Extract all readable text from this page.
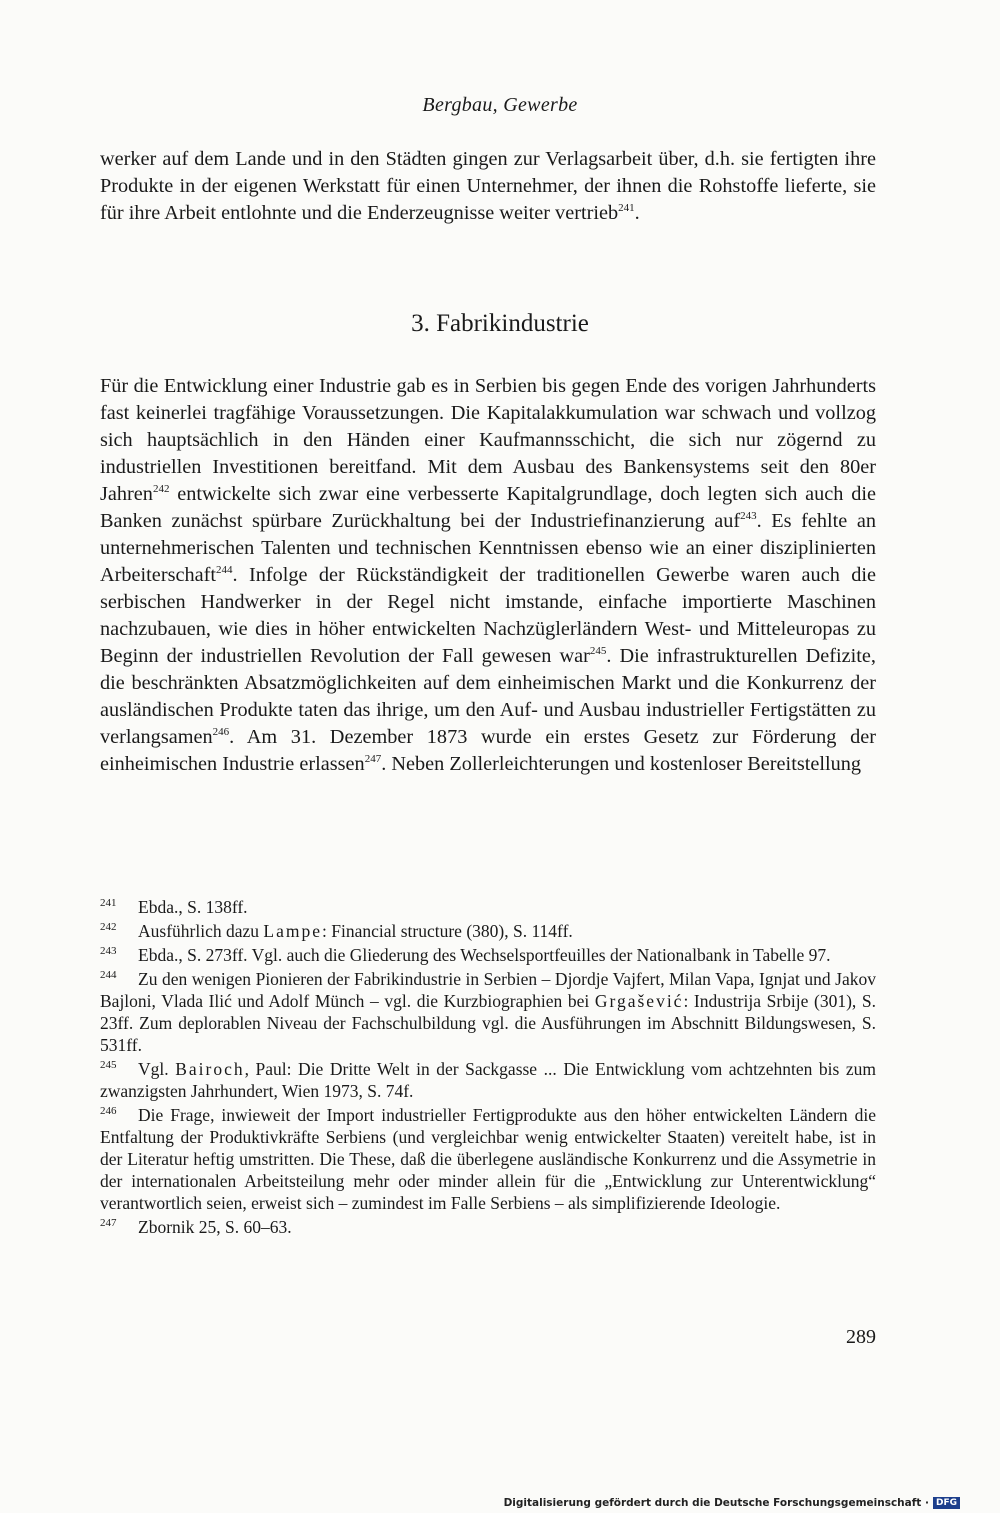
Bergbau, Gewerbe

werker auf dem Lande und in den Städten gingen zur Verlagsarbeit über, d.h. sie fertigten ihre Produkte in der eigenen Werkstatt für einen Unternehmer, der ihnen die Rohstoffe lieferte, sie für ihre Arbeit entlohnte und die Enderzeugnisse weiter vertrieb$^{241}$.

3. Fabrikindustrie

Für die Entwicklung einer Industrie gab es in Serbien bis gegen Ende des vorigen Jahrhunderts fast keinerlei tragfähige Voraussetzungen. Die Kapitalakkumulation war schwach und vollzog sich hauptsächlich in den Händen einer Kaufmannsschicht, die sich nur zögernd zu industriellen Investitionen bereitfand. Mit dem Ausbau des Bankensystems seit den 80er Jahren$^{242}$ entwickelte sich zwar eine verbesserte Kapitalgrundlage, doch legten sich auch die Banken zunächst spürbare Zurückhaltung bei der Industriefinanzierung auf$^{243}$. Es fehlte an unternehmerischen Talenten und technischen Kenntnissen ebenso wie an einer disziplinierten Arbeiterschaft$^{244}$. Infolge der Rückständigkeit der traditionellen Gewerbe waren auch die serbischen Handwerker in der Regel nicht imstande, einfache importierte Maschinen nachzubauen, wie dies in höher entwickelten Nachzüglerländern West- und Mitteleuropas zu Beginn der industriellen Revolution der Fall gewesen war$^{245}$. Die infrastrukturellen Defizite, die beschränkten Absatzmöglichkeiten auf dem einheimischen Markt und die Konkurrenz der ausländischen Produkte taten das ihrige, um den Auf- und Ausbau industrieller Fertigstätten zu verlangsamen$^{246}$. Am 31. Dezember 1873 wurde ein erstes Gesetz zur Förderung der einheimischen Industrie erlassen$^{247}$. Neben Zollerleichterungen und kostenloser Bereitstellung

241 Ebda., S. 138ff.
242 Ausführlich dazu Lampe: Financial structure (380), S. 114ff.
243 Ebda., S. 273ff. Vgl. auch die Gliederung des Wechselsportfeuilles der Nationalbank in Tabelle 97.
244 Zu den wenigen Pionieren der Fabrikindustrie in Serbien – Djordje Vajfert, Milan Vapa, Ignjat und Jakov Bajloni, Vlada Ilić und Adolf Münch – vgl. die Kurzbiographien bei Grgašević: Industrija Srbije (301), S. 23ff. Zum deplorablen Niveau der Fachschulbildung vgl. die Ausführungen im Abschnitt Bildungswesen, S. 531ff.
245 Vgl. Bairoch, Paul: Die Dritte Welt in der Sackgasse ... Die Entwicklung vom achtzehnten bis zum zwanzigsten Jahrhundert, Wien 1973, S. 74f.
246 Die Frage, inwieweit der Import industrieller Fertigprodukte aus den höher entwickelten Ländern die Entfaltung der Produktivkräfte Serbiens (und vergleichbar wenig entwickelter Staaten) vereitelt habe, ist in der Literatur heftig umstritten. Die These, daß die überlegene ausländische Konkurrenz und die Assymetrie in der internationalen Arbeitsteilung mehr oder minder allein für die „Entwicklung zur Unterentwicklung“ verantwortlich seien, erweist sich – zumindest im Falle Serbiens – als simplifizierende Ideologie.
247 Zbornik 25, S. 60–63.
289
Digitalisierung gefördert durch die Deutsche Forschungsgemeinschaft · DFG
